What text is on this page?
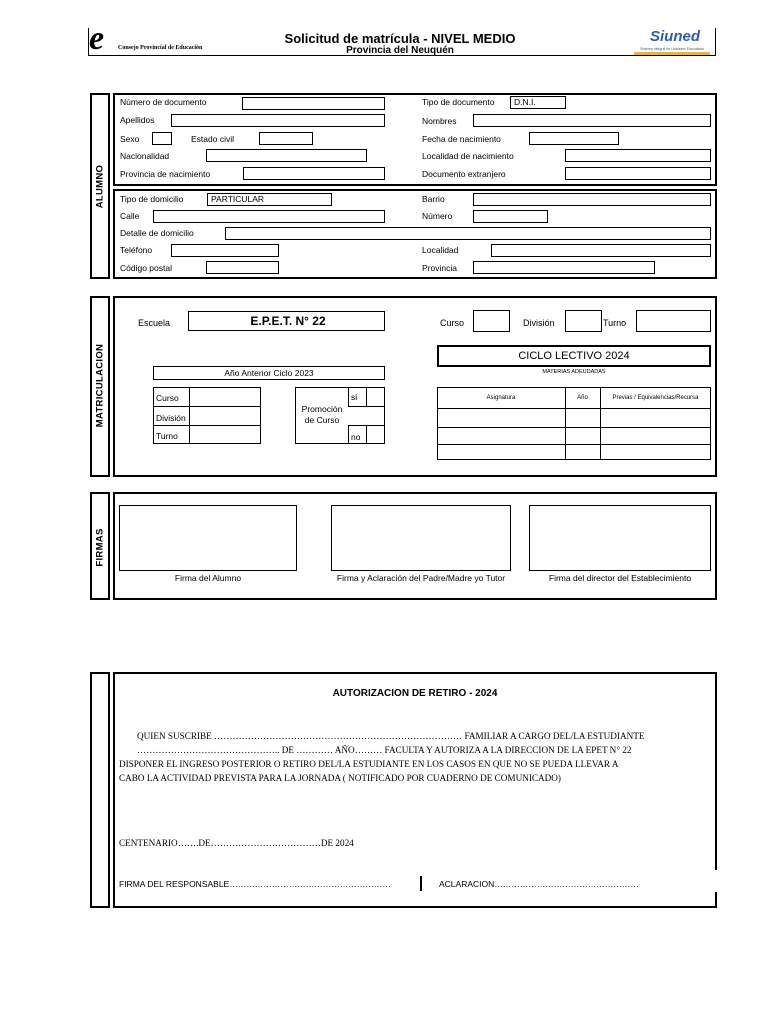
e Consejo Provincial de Educación
Solicitud de matrícula - NIVEL MEDIO
Provincia del Neuquén
Siuned
Sistema Integral de Unidades Educativas
ALUMNO
Número de documento	Tipo de documento	D.N.I.
Apellidos	Nombres
Sexo	Estado civil	Fecha de nacimiento
Nacionalidad	Localidad de nacimiento
Provincia de nacimiento	Documento extranjero
Tipo de domicilio	PARTICULAR	Barrio
Calle	Número
Detalle de domicilio
Teléfono	Localidad
Código postal	Provincia
MATRICULACION
Escuela	E.P.E.T. N° 22	Curso	División	Turno
CICLO LECTIVO 2024
MATERIAS ADEUDADAS
Año Anterior Ciclo 2023
Curso
División
Turno
Promoción
de Curso
si
no
Asignatura	Año	Previas / Equivalencias/Recursa
FIRMAS
Firma del Alumno	Firma y Aclaración del Padre/Madre yo Tutor	Firma del director del Establecimiento
AUTORIZACION DE RETIRO - 2024
QUIEN SUSCRIBE ……………………………………………………………………… FAMILIAR A CARGO DEL/LA ESTUDIANTE
……………………………………….. DE ………… AÑO……… FACULTA Y AUTORIZA A LA DIRECCION DE LA EPET N° 22
DISPONER EL INGRESO POSTERIOR O RETIRO DEL/LA ESTUDIANTE EN LOS CASOS EN QUE NO SE PUEDA LLEVAR A
CABO LA ACTIVIDAD PREVISTA PARA LA JORNADA ( NOTIFICADO POR CUADERNO DE COMUNICADO)
CENTENARIO…….DE………………………………DE 2024
FIRMA DEL RESPONSABLE…………………………………………………	ACLARACION……………………………………………
